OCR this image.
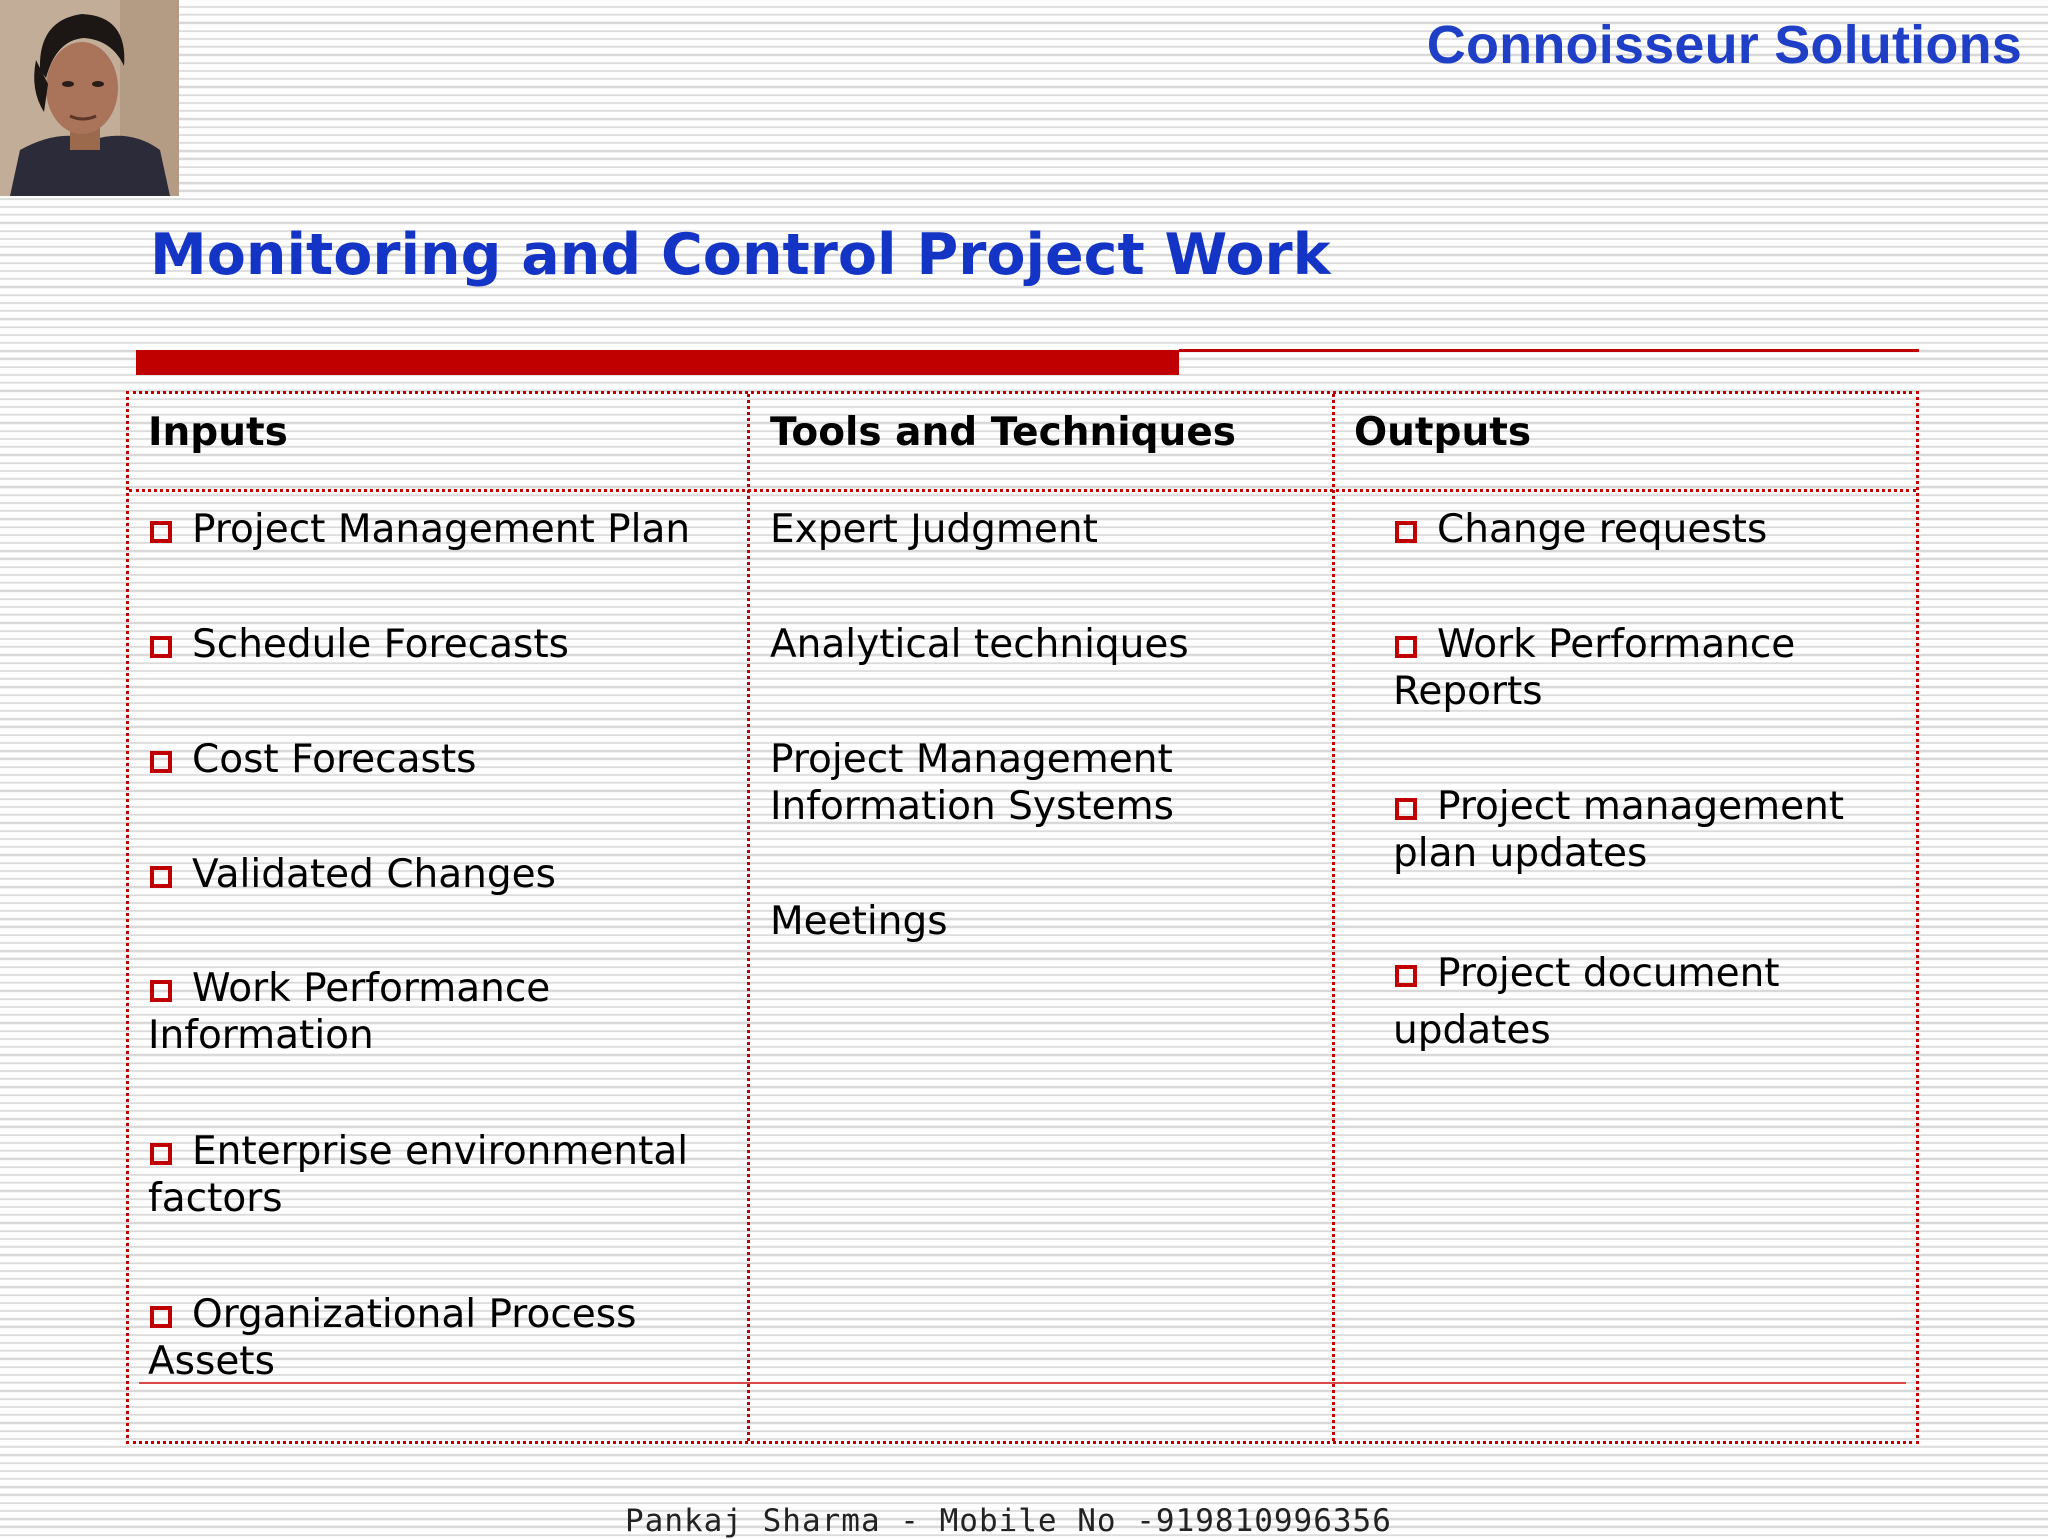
Connoisseur Solutions
Monitoring and Control Project Work
Inputs	Tools and Techniques	Outputs
Project Management Plan
Schedule Forecasts
Cost Forecasts
Validated Changes
Work Performance Information
Enterprise environmental factors
Organizational Process Assets
Expert Judgment
Analytical techniques
Project Management Information Systems
Meetings
Change requests
Work Performance Reports
Project management plan updates
Project document updates
Pankaj Sharma - Mobile No -919810996356
